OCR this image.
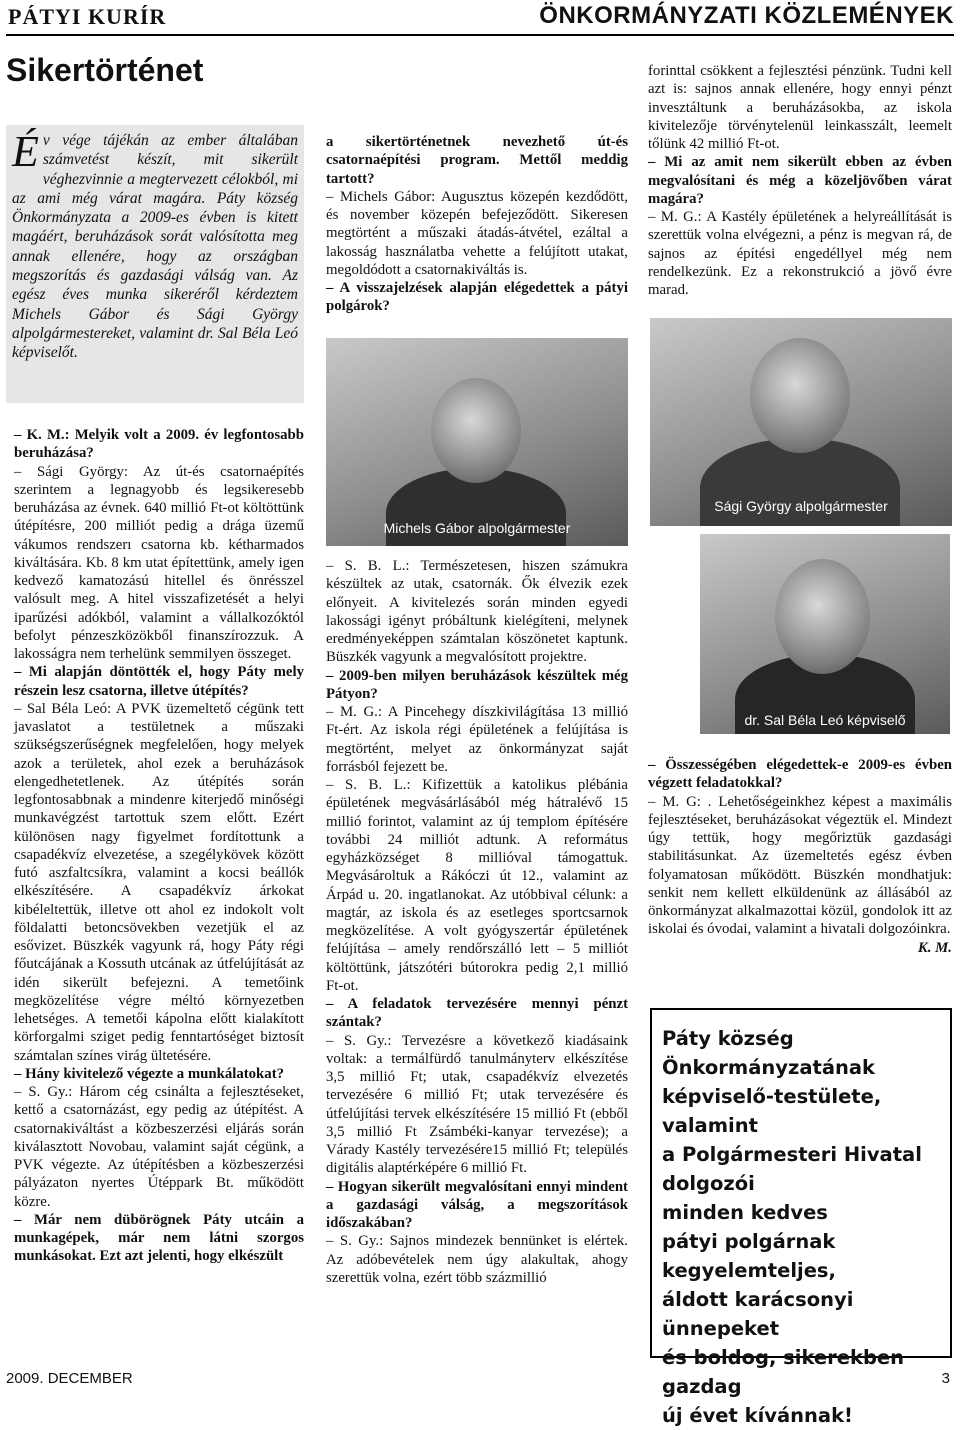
PÁTYI KURÍR	ÖNKORMÁNYZATI KÖZLEMÉNYEK
Sikertörténet
Év vége tájékán az ember általában számvetést készít, mit sikerült véghezvinnie a megtervezett célokból, mi az ami még várat magára. Páty község Önkormányzata a 2009-es évben is kitett magáért, beruházások sorát valósította meg annak ellenére, hogy az országban megszorítás és gazdasági válság van. Az egész éves munka sikeréről kérdeztem Michels Gábor és Sági György alpolgármestereket, valamint dr. Sal Béla Leó képviselőt.

– K. M.: Melyik volt a 2009. év legfontosabb beruházása?

– Sági György: Az út-és csatornaépítés szerintem a legnagyobb és legsikeresebb beruházása az évnek. 640 millió Ft-ot költöttünk útépítésre, 200 milliót pedig a drága üzemű vákumos rendszerı csatorna kb. kétharmados kiváltására. Kb. 8 km utat építettünk, amely igen kedvező kamatozású hitellel és önrésszel valósult meg. A hitel visszafizetését a helyi iparűzési adókból, valamint a vállalkozóktól befolyt pénzeszközökből finanszírozzuk. A lakosságra nem terhelünk semmilyen összeget.

– Mi alapján döntötték el, hogy Páty mely részein lesz csatorna, illetve útépítés?

– Sal Béla Leó: A PVK üzemeltető cégünk tett javaslatot a testületnek a műszaki szükségszerűségnek megfelelően, hogy melyek azok a területek, ahol ezek a beruházások elengedhetetlenek. Az útépítés során legfontosabbnak a mindenre kiterjedő minőségi munkavégzést tartottuk szem előtt. Ezért különösen nagy figyelmet fordítottunk a csapadékvíz elvezetése, a szegélykövek között futó aszfaltcsíkra, valamint a kocsi beállók elkészítésére. A csapadékvíz árkokat kibéleltettük, illetve ott ahol ez indokolt volt földalatti betoncsövekben vezetjük el az esővizet. Büszkék vagyunk rá, hogy Páty régi főutcájának a Kossuth utcának az útfelújítását az idén sikerült befejezni. A temetőink megközelítése végre méltó környezetben lehetséges. A temetői kápolna előtt kialakított körforgalmi sziget pedig fenntartóséget biztosít számtalan színes virág ültetésére.

– Hány kivitelező végezte a munkálatokat?

– S. Gy.: Három cég csinálta a fejlesztéseket, kettő a csatornázást, egy pedig az útépítést. A csatornakiváltást a közbeszerzési eljárás során kiválasztott Novobau, valamint saját cégünk, a PVK végezte. Az útépítésben a közbeszerzési pályázaton nyertes Útéppark Bt. működött közre.

– Már nem dübörögnek Páty utcáin a munkagépek, már nem látni szorgos munkásokat. Ezt azt jelenti, hogy elkészült

a sikertörténetnek nevezhető út-és csatornaépítési program. Mettől meddig tartott?

– Michels Gábor: Augusztus közepén kezdődött, és november közepén befejeződött. Sikeresen megtörtént a műszaki átadás-átvétel, ezáltal a lakosság használatba vehette a felújított utakat, megoldódott a csatornakiváltás is.

– A visszajelzések alapján elégedettek a pátyi polgárok?

Michels Gábor alpolgármester

– S. B. L.: Természetesen, hiszen számukra készültek az utak, csatornák. Ők élvezik ezek előnyeit. A kivitelezés során minden egyedi lakossági igényt próbáltunk kielégíteni, melynek eredményeképpen számtalan köszönetet kaptunk. Büszkék vagyunk a megvalósított projektre.

– 2009-ben milyen beruházások készültek még Pátyon?

– M. G.: A Pincehegy díszkivilágítása 13 millió Ft-ért. Az iskola régi épületének a felújítása is megtörtént, melyet az önkormányzat saját forrásból fejezett be.

– S. B. L.: Kifizettük a katolikus plébánia épületének megvásárlásából még hátralévő 15 millió forintot, valamint az új templom építésére további 24 milliót adtunk. A református egyházközséget 8 millióval támogattuk. Megvásároltuk a Rákóczi út 12., valamint az Árpád u. 20. ingatlanokat. Az utóbbival célunk: a magtár, az iskola és az esetleges sportcsarnok megközelítése. A volt gyógyszertár épületének felújítása – amely rendőrszálló lett – 5 milliót költöttünk, játszótéri bútorokra pedig 2,1 millió Ft-ot.

– A feladatok tervezésére mennyi pénzt szántak?

– S. Gy.: Tervezésre a következő kiadásaink voltak: a termálfürdő tanulmányterv elkészítése 3,5 millió Ft; utak, csapadékvíz elvezetés tervezésére 6 millió Ft; utak tervezésére és útfelújítási tervek elkészítésére 15 millió Ft (ebből 3,5 millió Ft Zsámbéki-kanyar tervezése); a Várady Kastély tervezésére15 millió Ft; település digitális alaptérképére 6 millió Ft.

– Hogyan sikerült megvalósítani ennyi mindent a gazdasági válság, a megszorítások időszakában?

– S. Gy.: Sajnos mindezek bennünket is elértek. Az adóbevételek nem úgy alakultak, ahogy szerettük volna, ezért több százmillió

forinttal csökkent a fejlesztési pénzünk. Tudni kell azt is: sajnos annak ellenére, hogy ennyi pénzt invesztáltunk a beruházásokba, az iskola kivitelezője törvénytelenül leinkasszált, leemelt tőlünk 42 millió Ft-ot.

– Mi az amit nem sikerült ebben az évben megvalósítani és még a közeljövőben várat magára?

– M. G.: A Kastély épületének a helyreállítását is szerettük volna elvégezni, a pénz is megvan rá, de sajnos az építési engedéllyel még nem rendelkezünk. Ez a rekonstrukció a jövő évre marad.

Sági György alpolgármester
dr. Sal Béla Leó képviselő

– Összességében elégedettek-e 2009-es évben végzett feladatokkal?

– M. G: . Lehetőségeinkhez képest a maximális fejlesztéseket, beruházásokat végeztük el. Mindezt úgy tettük, hogy megőriztük gazdasági stabilitásunkat. Az üzemeltetés egész évben folyamatosan működött. Büszkén mondhatjuk: senkit nem kellett elküldenünk az állásából az önkormányzat alkalmazottai közül, gondolok itt az iskolai és óvodai, valamint a hivatali dolgozóinkra.

K. M.

Páty község

Önkormányzatának

képviselő-testülete,

valamint

a Polgármesteri Hivatal dolgozói

minden kedves

pátyi polgárnak kegyelemteljes,

áldott karácsonyi ünnepeket

és boldog, sikerekben gazdag

új évet kívánnak!

2009. DECEMBER	3
